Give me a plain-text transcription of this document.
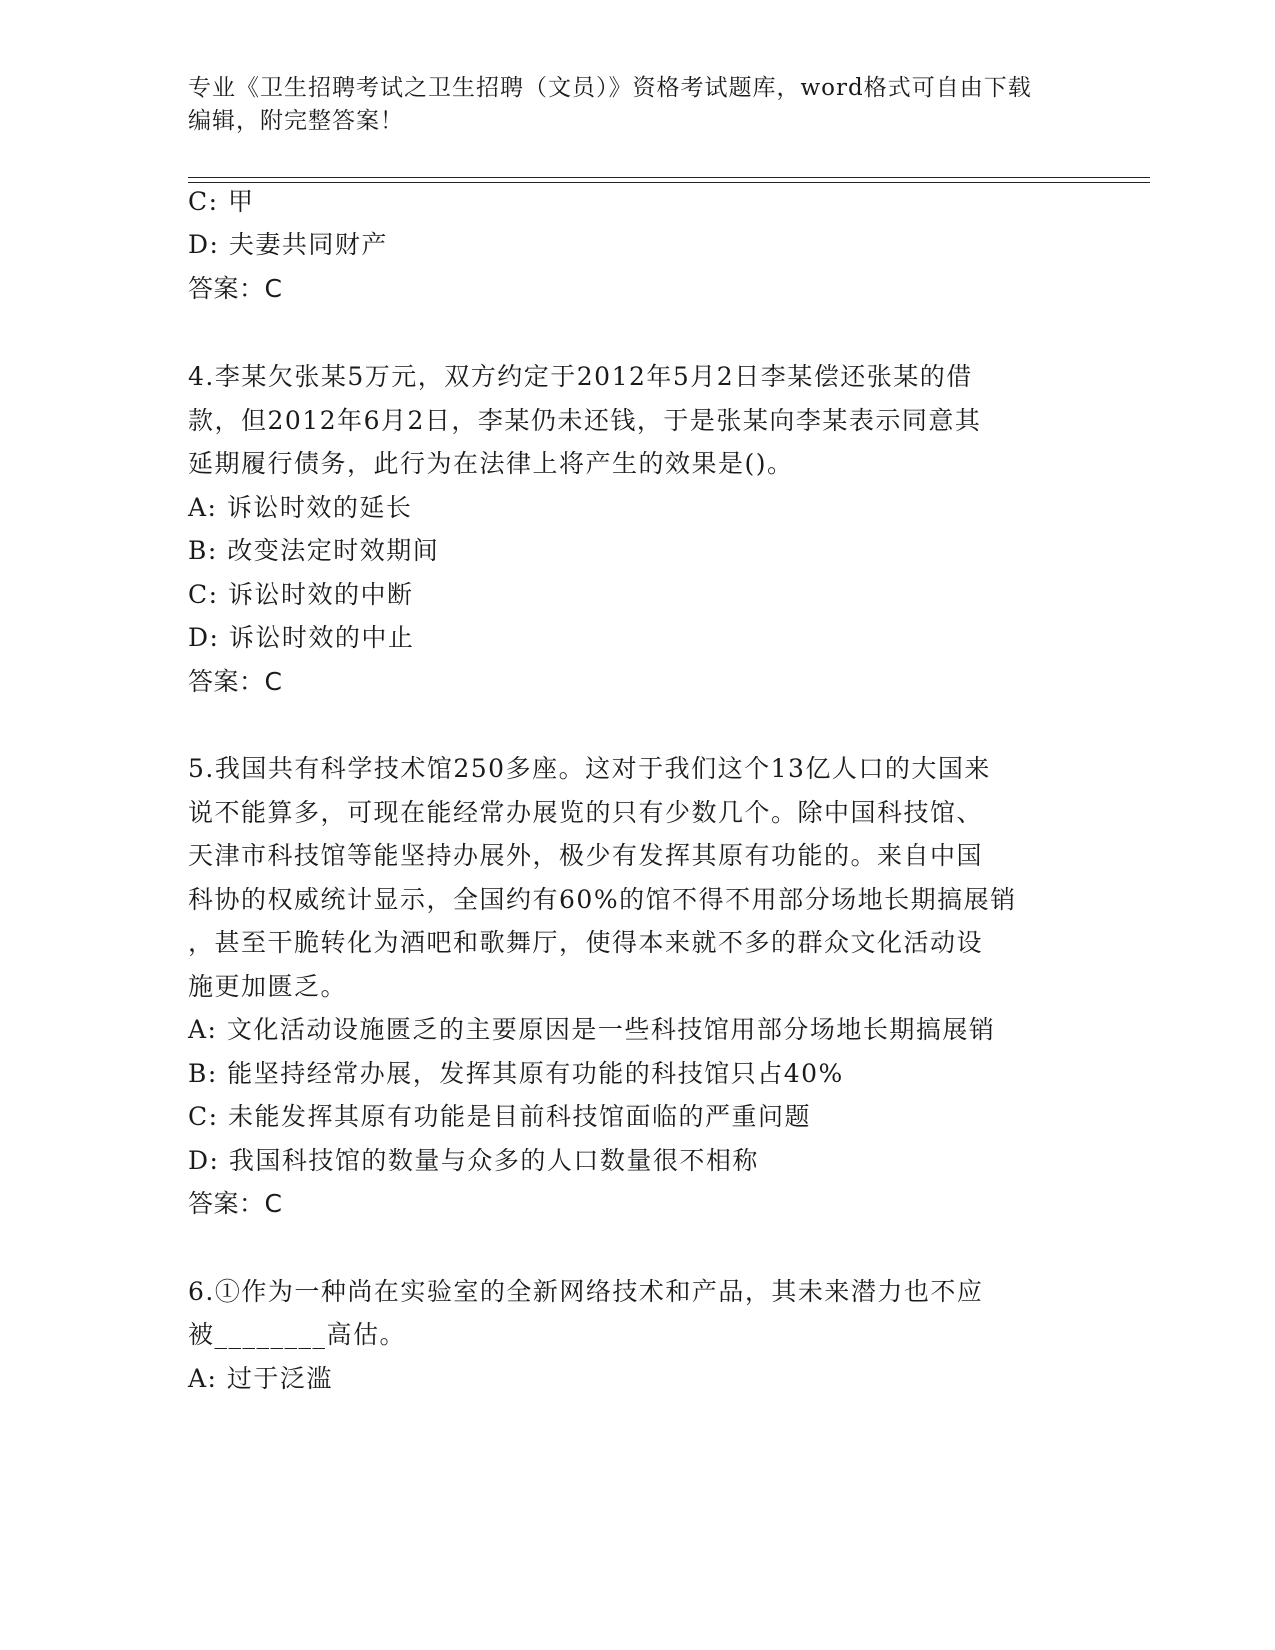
专业《卫生招聘考试之卫生招聘（文员）》资格考试题库，word格式可自由下载
编辑，附完整答案！
C: 甲
D: 夫妻共同财产
答案：C
4.李某欠张某5万元，双方约定于2012年5月2日李某偿还张某的借
款，但2012年6月2日，李某仍未还钱，于是张某向李某表示同意其
延期履行债务，此行为在法律上将产生的效果是()。
A: 诉讼时效的延长
B: 改变法定时效期间
C: 诉讼时效的中断
D: 诉讼时效的中止
答案：C
5.我国共有科学技术馆250多座。这对于我们这个13亿人口的大国来
说不能算多，可现在能经常办展览的只有少数几个。除中国科技馆、
天津市科技馆等能坚持办展外，极少有发挥其原有功能的。来自中国
科协的权威统计显示，全国约有60%的馆不得不用部分场地长期搞展销
，甚至干脆转化为酒吧和歌舞厅，使得本来就不多的群众文化活动设
施更加匮乏。
A: 文化活动设施匮乏的主要原因是一些科技馆用部分场地长期搞展销
B: 能坚持经常办展，发挥其原有功能的科技馆只占40%
C: 未能发挥其原有功能是目前科技馆面临的严重问题
D: 我国科技馆的数量与众多的人口数量很不相称
答案：C
6.①作为一种尚在实验室的全新网络技术和产品，其未来潜力也不应
被________高估。
A: 过于泛滥
